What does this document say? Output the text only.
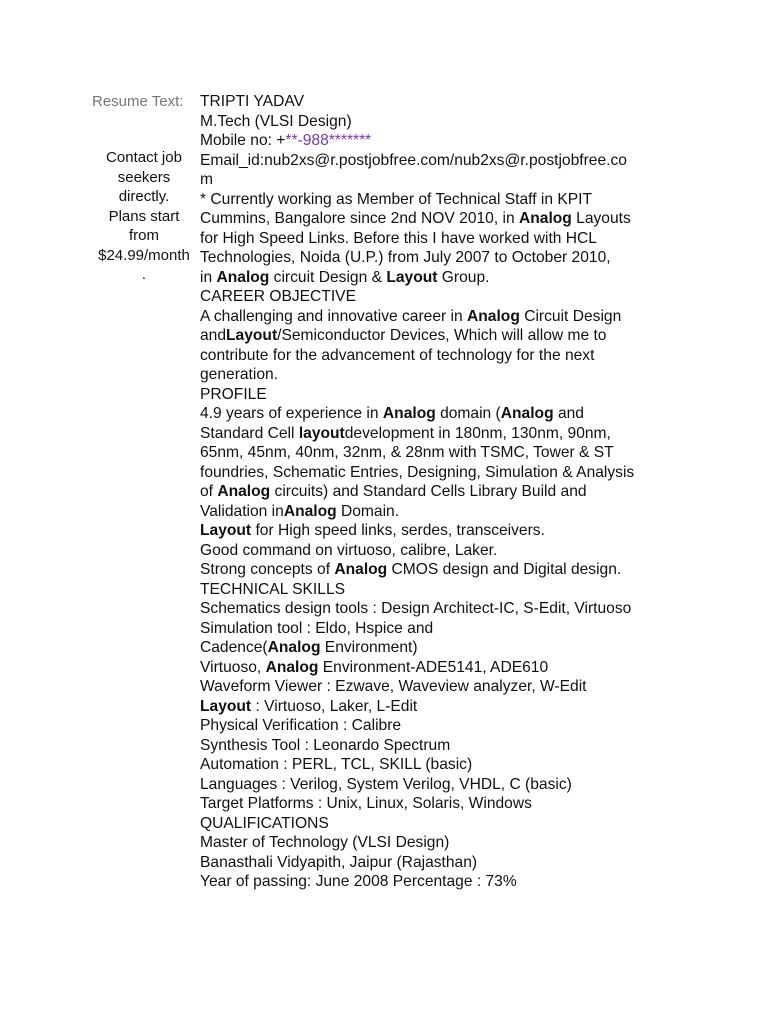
Resume Text:
Contact job
seekers
directly.
Plans start
from
$24.99/month
.
TRIPTI YADAV
M.Tech (VLSI Design)
Mobile no: +**-988*******
Email_id:nub2xs@r.postjobfree.com/nub2xs@r.postjobfree.co
m
* Currently working as Member of Technical Staff in KPIT
Cummins, Bangalore since 2nd NOV 2010, in Analog Layouts
for High Speed Links. Before this I have worked with HCL
Technologies, Noida (U.P.) from July 2007 to October 2010,
in Analog circuit Design & Layout Group.
CAREER OBJECTIVE
A challenging and innovative career in Analog Circuit Design
andLayout/Semiconductor Devices, Which will allow me to
contribute for the advancement of technology for the next
generation.
PROFILE
4.9 years of experience in Analog domain (Analog and
Standard Cell layoutdevelopment in 180nm, 130nm, 90nm,
65nm, 45nm, 40nm, 32nm, & 28nm with TSMC, Tower & ST
foundries, Schematic Entries, Designing, Simulation & Analysis
of Analog circuits) and Standard Cells Library Build and
Validation inAnalog Domain.
Layout for High speed links, serdes, transceivers.
Good command on virtuoso, calibre, Laker.
Strong concepts of Analog CMOS design and Digital design.
TECHNICAL SKILLS
Schematics design tools : Design Architect-IC, S-Edit, Virtuoso
Simulation tool : Eldo, Hspice and
Cadence(Analog Environment)
Virtuoso, Analog Environment-ADE5141, ADE610
Waveform Viewer : Ezwave, Waveview analyzer, W-Edit
Layout : Virtuoso, Laker, L-Edit
Physical Verification : Calibre
Synthesis Tool : Leonardo Spectrum
Automation : PERL, TCL, SKILL (basic)
Languages : Verilog, System Verilog, VHDL, C (basic)
Target Platforms : Unix, Linux, Solaris, Windows
QUALIFICATIONS
Master of Technology (VLSI Design)
Banasthali Vidyapith, Jaipur (Rajasthan)
Year of passing: June 2008 Percentage : 73%
